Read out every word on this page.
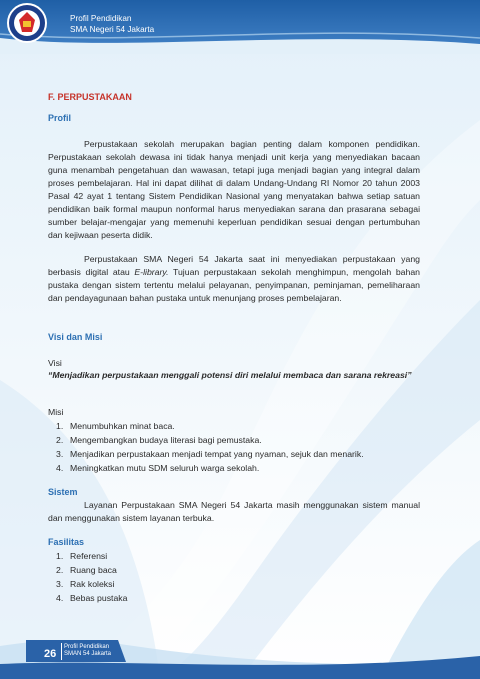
Profil Pendidikan
SMA Negeri 54 Jakarta
F. PERPUSTAKAAN
Profil
Perpustakaan sekolah merupakan bagian penting dalam komponen pendidikan. Perpustakaan sekolah dewasa ini tidak hanya menjadi unit kerja yang menyediakan bacaan guna menambah pengetahuan dan wawasan, tetapi juga menjadi bagian yang integral dalam proses pembelajaran. Hal ini dapat dilihat di dalam Undang-Undang RI Nomor 20 tahun 2003 Pasal 42 ayat 1 tentang Sistem Pendidikan Nasional yang menyatakan bahwa setiap satuan pendidikan baik formal maupun nonformal harus menyediakan sarana dan prasarana sebagai sumber belajar-mengajar yang memenuhi keperluan pendidikan sesuai dengan pertumbuhan dan kejiwaan peserta didik.
Perpustakaan SMA Negeri 54 Jakarta saat ini menyediakan perpustakaan yang berbasis digital atau E-library. Tujuan perpustakaan sekolah menghimpun, mengolah bahan pustaka dengan sistem tertentu melalui pelayanan, penyimpanan, peminjaman, pemeliharaan dan pendayagunaan bahan pustaka untuk menunjang proses pembelajaran.
Visi dan Misi
Visi
“Menjadikan perpustakaan menggali potensi diri melalui membaca dan sarana rekreasi”
Misi
1. Menumbuhkan minat baca.
2. Mengembangkan budaya literasi bagi pemustaka.
3. Menjadikan perpustakaan menjadi tempat yang nyaman, sejuk dan menarik.
4. Meningkatkan mutu SDM seluruh warga sekolah.
Sistem
Layanan Perpustakaan SMA Negeri 54 Jakarta masih menggunakan sistem manual dan menggunakan sistem layanan terbuka.
Fasilitas
1. Referensi
2. Ruang baca
3. Rak koleksi
4. Bebas pustaka
26
Profil Pendidikan
SMAN 54 Jakarta
